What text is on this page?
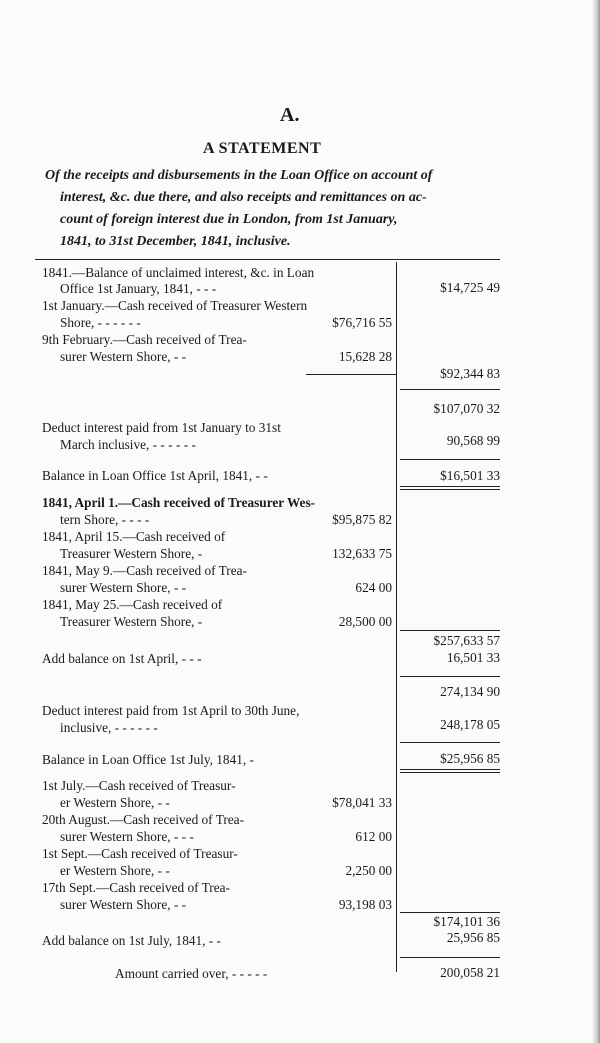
A.
A STATEMENT
Of the receipts and disbursements in the Loan Office on account of
interest, &c. due there, and also receipts and remittances on ac-
count of foreign interest due in London, from 1st January,
1841, to 31st December, 1841, inclusive.
1841.—Balance of unclaimed interest, &c. in Loan
Office 1st January, 1841, - - -
1st January.—Cash received of Treasurer Western
Shore, - - - - - -
9th February.—Cash received of Trea-
surer Western Shore, - -
Deduct interest paid from 1st January to 31st
March inclusive, - - - - - -
Balance in Loan Office 1st April, 1841, - -
1841, April 1.—Cash received of Treasurer Wes-
tern Shore, - - - -
1841, April 15.—Cash received of
Treasurer Western Shore, -
1841, May 9.—Cash received of Trea-
surer Western Shore, - -
1841, May 25.—Cash received of
Treasurer Western Shore, -
Add balance on 1st April, - - -
Deduct interest paid from 1st April to 30th June,
inclusive, - - - - - -
Balance in Loan Office 1st July, 1841, -
1st July.—Cash received of Treasur-
er Western Shore, - -
20th August.—Cash received of Trea-
surer Western Shore, - - -
1st Sept.—Cash received of Treasur-
er Western Shore, - -
17th Sept.—Cash received of Trea-
surer Western Shore, - -
Add balance on 1st July, 1841, - -
Amount carried over, - - - - -
$76,716 55
15,628 28
$95,875 82
132,633 75
624 00
28,500 00
$78,041 33
612 00
2,250 00
93,198 03
$14,725 49
$92,344 83
$107,070 32
90,568 99
$16,501 33
$257,633 57
16,501 33
274,134 90
248,178 05
$25,956 85
$174,101 36
25,956 85
200,058 21
